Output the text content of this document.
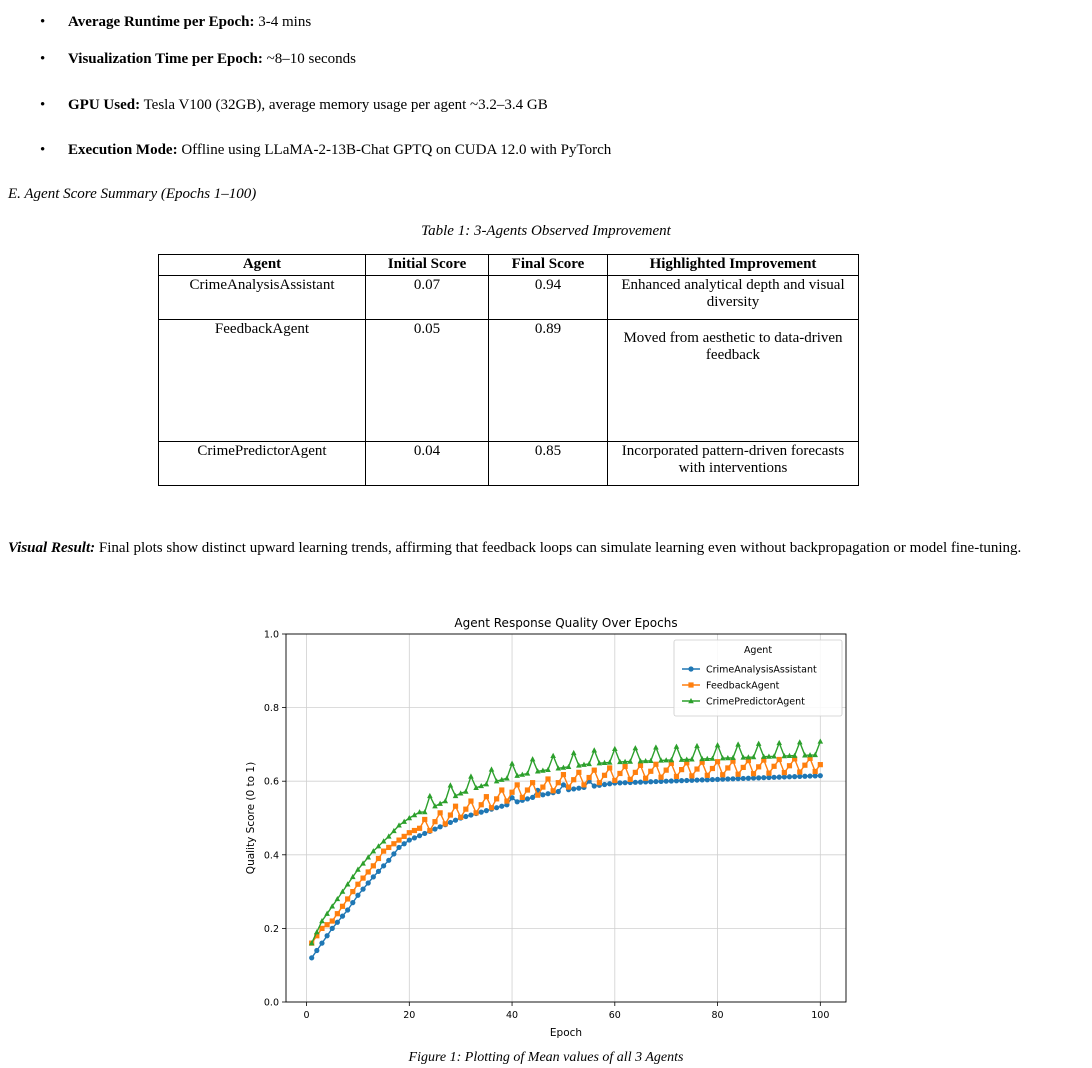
• Average Runtime per Epoch: 3-4 mins
• Visualization Time per Epoch: ~8–10 seconds
• GPU Used: Tesla V100 (32GB), average memory usage per agent ~3.2–3.4 GB
• Execution Mode: Offline using LLaMA-2-13B-Chat GPTQ on CUDA 12.0 with PyTorch
E. Agent Score Summary (Epochs 1–100)
Table 1: 3-Agents Observed Improvement
Agent	Initial Score	Final Score	Highlighted Improvement
CrimeAnalysisAssistant	0.07	0.94	Enhanced analytical depth and visual diversity
FeedbackAgent	0.05	0.89	Moved from aesthetic to data-driven feedback
CrimePredictorAgent	0.04	0.85	Incorporated pattern-driven forecasts with interventions
Visual Result: Final plots show distinct upward learning trends, affirming that feedback loops can simulate learning even without backpropagation or model fine-tuning.
Agent Response Quality Over Epochs
0	20	40	60	80	100
0.0
0.2
0.4
0.6
0.8
1.0
Epoch
Quality Score (0 to 1)
Agent
CrimeAnalysisAssistant
FeedbackAgent
CrimePredictorAgent
Figure 1: Plotting of Mean values of all 3 Agents
